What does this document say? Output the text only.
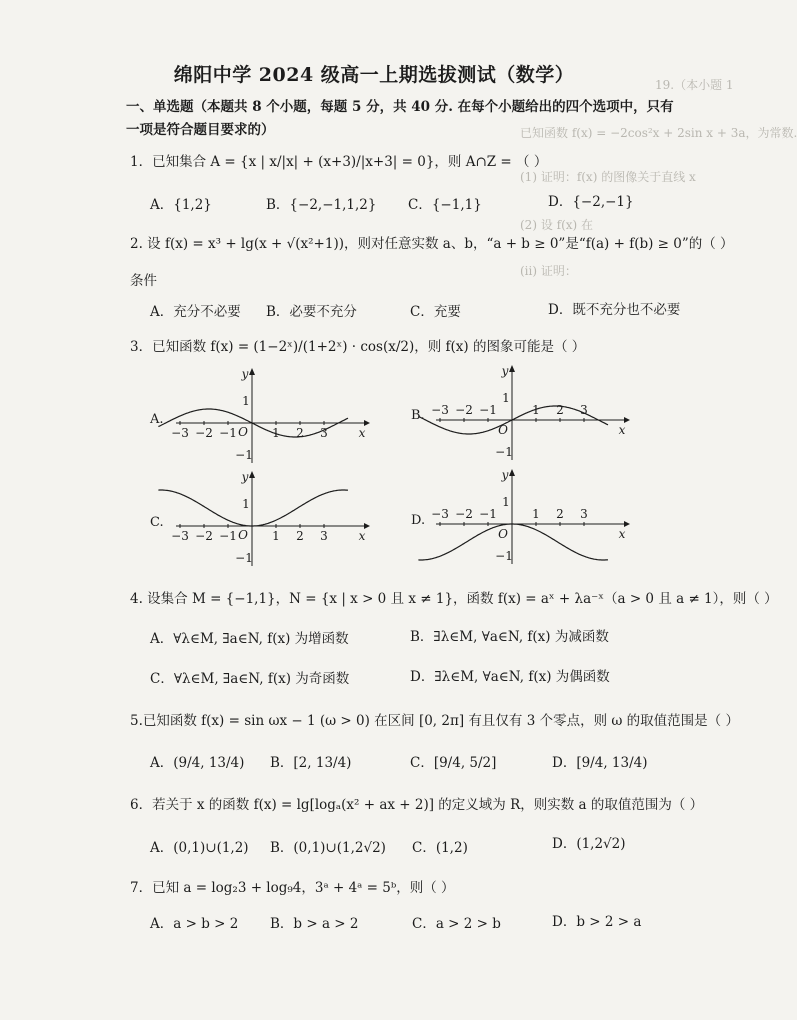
19.（本小题 1
已知函数 f(x) = −2cos²x + 2sin x + 3a，为常数.
(1) 证明：f(x) 的图像关于直线 x
(2) 设 f(x) 在
(ii) 证明：
绵阳中学 2024 级高一上期选拔测试（数学）
一、单选题（本题共 8 个小题，每题 5 分，共 40 分. 在每个小题给出的四个选项中，只有
一项是符合题目要求的）
1．已知集合 A = {x | x/|x| + (x+3)/|x+3| = 0}，则 A∩Z = （ ）
A．{1,2}	B．{−2,−1,1,2} C．{−1,1}	D．{−2,−1}
2. 设 f(x) = x³ + lg(x + √(x²+1))，则对任意实数 a、b，“a + b ≥ 0”是“f(a) + f(b) ≥ 0”的（ ）
条件
A．充分不必要 B．必要不充分	C．充要	D．既不充分也不必要
3．已知函数 f(x) = (1−2ˣ)/(1+2ˣ) · cos(x/2)，则 f(x) 的图象可能是（ ）
A.	B.
C.	D.
y
x
1
−1
O
−3 −2 −1	1 2 3
y
x
1
−1
O
−3 −2 −1	1 2 3
y
x
1
−1
O
−3 −2 −1	1 2 3
y
x
1
−1
O
−3 −2 −1	1 2 3
4. 设集合 M = {−1,1}，N = {x | x > 0 且 x ≠ 1}，函数 f(x) = aˣ + λa⁻ˣ（a > 0 且 a ≠ 1），则（ ）
A．∀λ∈M, ∃a∈N, f(x) 为增函数	B．∃λ∈M, ∀a∈N, f(x) 为减函数
C．∀λ∈M, ∃a∈N, f(x) 为奇函数	D．∃λ∈M, ∀a∈N, f(x) 为偶函数
5.已知函数 f(x) = sin ωx − 1 (ω > 0) 在区间 [0, 2π] 有且仅有 3 个零点，则 ω 的取值范围是（ ）
A．(9/4, 13/4) B．[2, 13/4)	C．[9/4, 5/2]	D．[9/4, 13/4)
6．若关于 x 的函数 f(x) = lg[logₐ(x² + ax + 2)] 的定义域为 R，则实数 a 的取值范围为（ ）
A．(0,1)∪(1,2) B．(0,1)∪(1,2√2) C．(1,2)	D．(1,2√2)
7．已知 a = log₂3 + log₉4，3ᵃ + 4ᵃ = 5ᵇ，则（ ）
A．a > b > 2 B．b > a > 2	C．a > 2 > b	D．b > 2 > a
